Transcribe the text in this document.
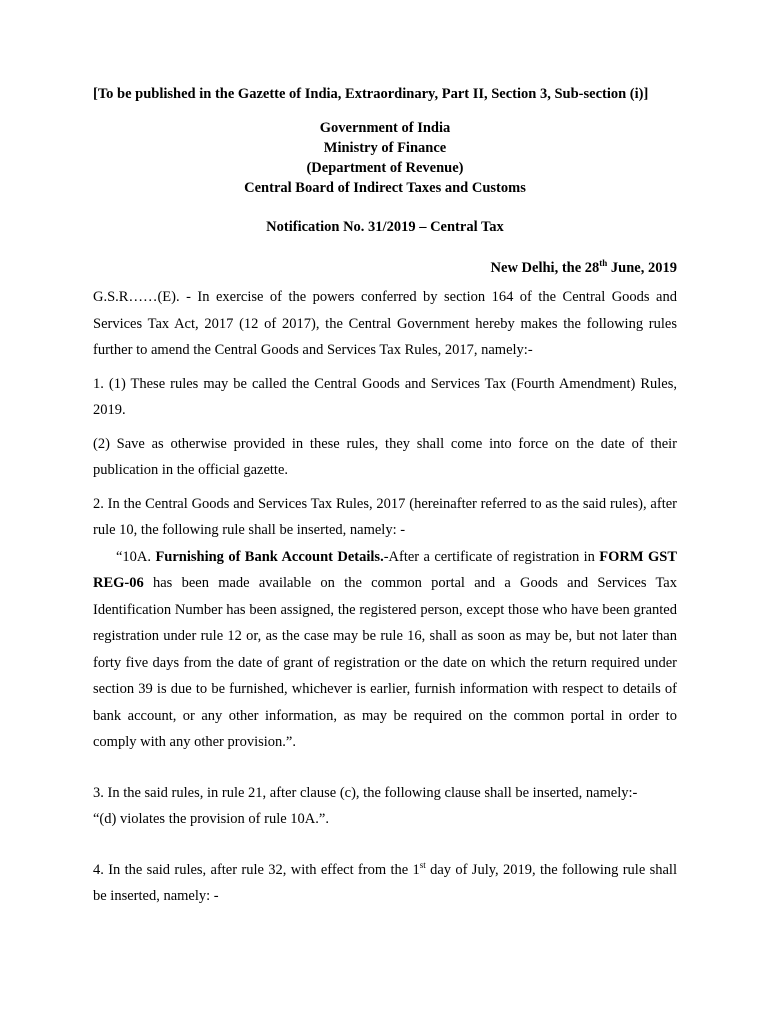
[To be published in the Gazette of India, Extraordinary, Part II, Section 3, Sub-section (i)]
Government of India
Ministry of Finance
(Department of Revenue)
Central Board of Indirect Taxes and Customs
Notification No. 31/2019 – Central Tax
New Delhi, the 28th June, 2019

G.S.R……(E). - In exercise of the powers conferred by section 164 of the Central Goods and Services Tax Act, 2017 (12 of 2017), the Central Government hereby makes the following rules further to amend the Central Goods and Services Tax Rules, 2017, namely:-

1. (1) These rules may be called the Central Goods and Services Tax (Fourth Amendment) Rules, 2019.

(2) Save as otherwise provided in these rules, they shall come into force on the date of their publication in the official gazette.

2. In the Central Goods and Services Tax Rules, 2017 (hereinafter referred to as the said rules), after rule 10, the following rule shall be inserted, namely: -

“10A. Furnishing of Bank Account Details.-After a certificate of registration in FORM GST REG-06 has been made available on the common portal and a Goods and Services Tax Identification Number has been assigned, the registered person, except those who have been granted registration under rule 12 or, as the case may be rule 16, shall as soon as may be, but not later than forty five days from the date of grant of registration or the date on which the return required under section 39 is due to be furnished, whichever is earlier, furnish information with respect to details of bank account, or any other information, as may be required on the common portal in order to comply with any other provision.”.

3. In the said rules, in rule 21, after clause (c), the following clause shall be inserted, namely:-
“(d) violates the provision of rule 10A.”.

4. In the said rules, after rule 32, with effect from the 1st day of July, 2019, the following rule shall be inserted, namely: -
